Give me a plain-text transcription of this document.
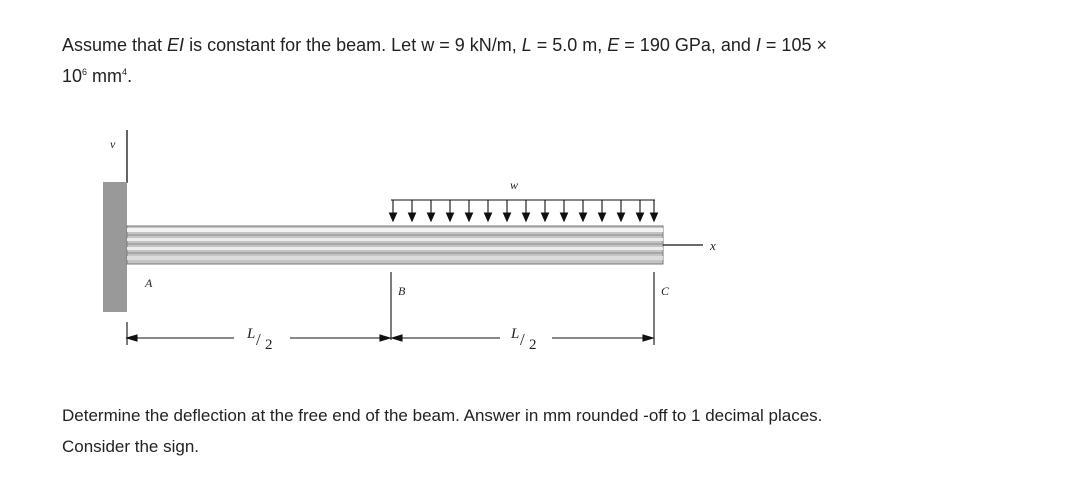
Assume that EI is constant for the beam. Let w = 9 kN/m, L = 5.0 m, E = 190 GPa, and I = 105 ×
$10^6$ $mm^4$.
v
x
w
A
B	C
L / 2
L / 2
Determine the deflection at the free end of the beam. Answer in mm rounded -off to 1 decimal places.
Consider the sign.
